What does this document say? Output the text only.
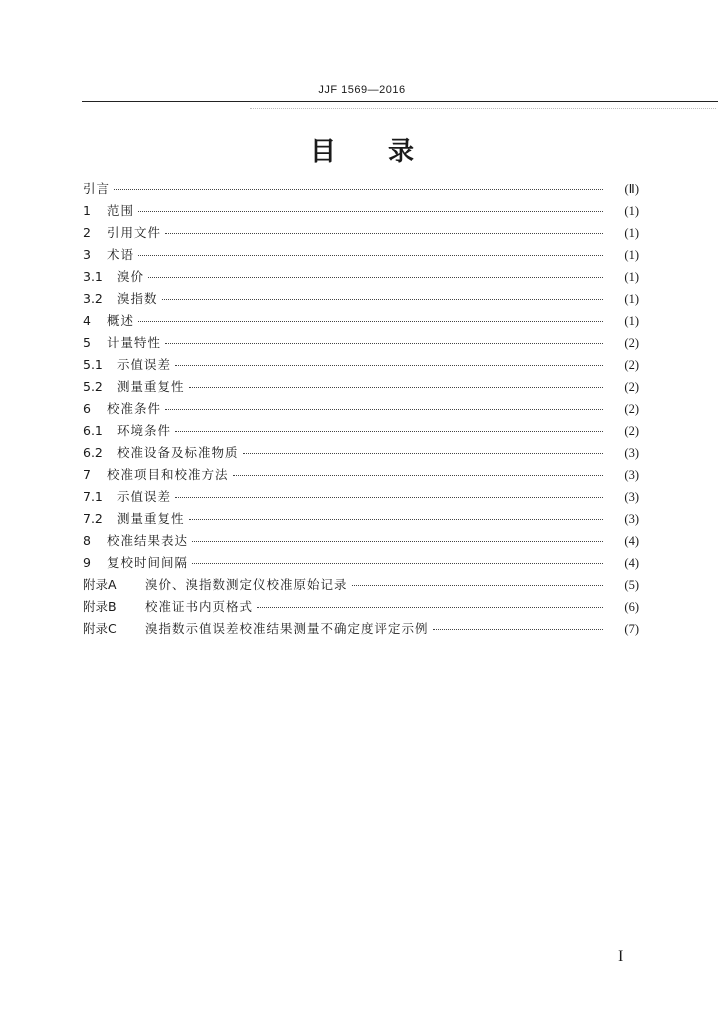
JJF 1569—2016
目 录
引言	(Ⅱ)
1	范围	(1)
2	引用文件	(1)
3	术语	(1)
3.1	溴价	(1)
3.2	溴指数	(1)
4	概述	(1)
5	计量特性	(2)
5.1	示值误差	(2)
5.2	测量重复性	(2)
6	校准条件	(2)
6.1	环境条件	(2)
6.2	校准设备及标准物质	(3)
7	校准项目和校准方法	(3)
7.1	示值误差	(3)
7.2	测量重复性	(3)
8	校准结果表达	(4)
9	复校时间间隔	(4)
附录A	溴价、溴指数测定仪校准原始记录	(5)
附录B	校准证书内页格式	(6)
附录C	溴指数示值误差校准结果测量不确定度评定示例	(7)
I
